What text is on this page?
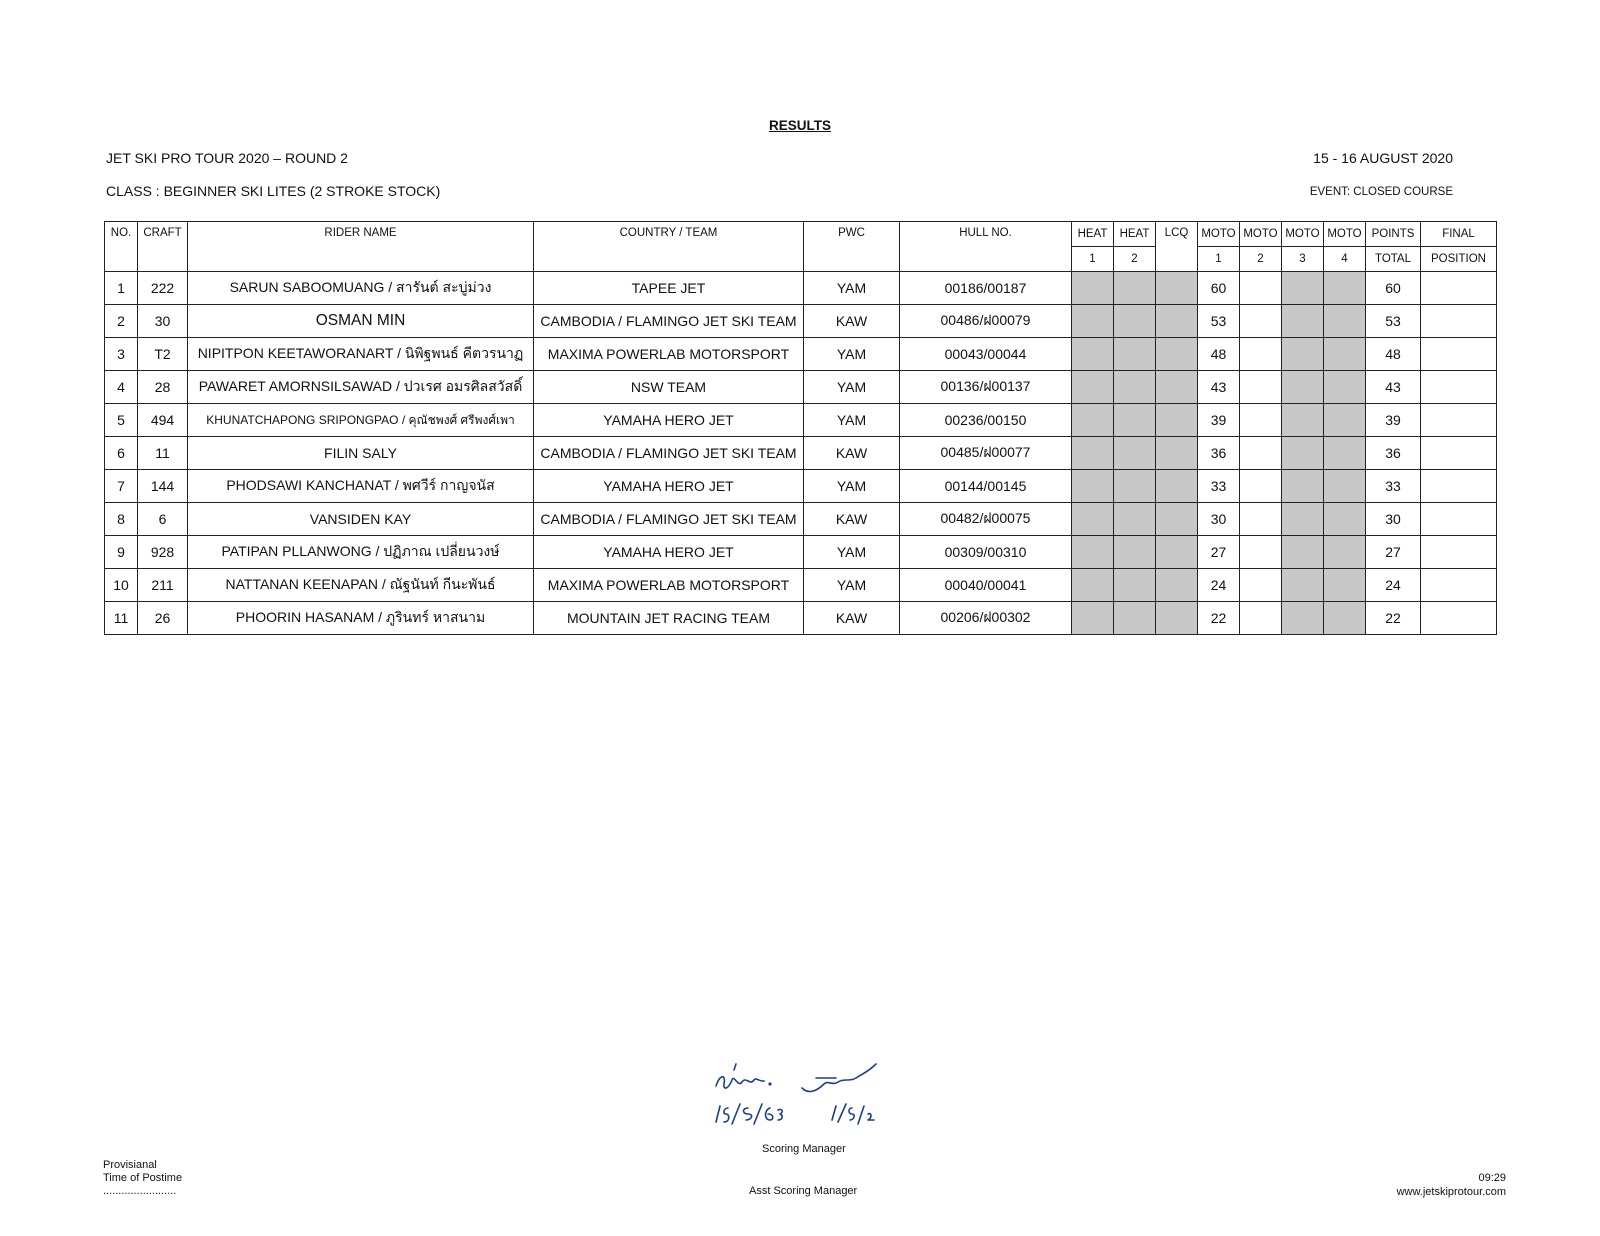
RESULTS
JET SKI PRO TOUR 2020 – ROUND 2	15 - 16 AUGUST 2020
CLASS : BEGINNER SKI LITES (2 STROKE STOCK)	EVENT: CLOSED COURSE
NO.	CRAFT	RIDER NAME	COUNTRY / TEAM	PWC	HULL NO.	HEAT	HEAT	LCQ	MOTO	MOTO	MOTO	MOTO	POINTS	FINAL
						1	2		1	2	3	4	TOTAL	POSITION
1	222	SARUN SABOOMUANG / สารันต์ สะบู่ม่วง	TAPEE JET	YAM	00186/00187				60				60	
2	30	OSMAN MIN	CAMBODIA / FLAMINGO JET SKI TEAM	KAW	00486/ฝ00079				53				53	
3	T2	NIPITPON KEETAWORANART / นิพิฐพนธ์ คีตวรนาฏ	MAXIMA POWERLAB MOTORSPORT	YAM	00043/00044				48				48	
4	28	PAWARET AMORNSILSAWAD / ปวเรศ อมรศิลสวัสดิ์	NSW TEAM	YAM	00136/ฝ00137				43				43	
5	494	KHUNATCHAPONG SRIPONGPAO / คุณัชพงศ์ ศรีพงศ์เพา	YAMAHA HERO JET	YAM	00236/00150				39				39	
6	11	FILIN SALY	CAMBODIA / FLAMINGO JET SKI TEAM	KAW	00485/ฝ00077				36				36	
7	144	PHODSAWI KANCHANAT / พศวีร์ กาญจนัส	YAMAHA HERO JET	YAM	00144/00145				33				33	
8	6	VANSIDEN KAY	CAMBODIA / FLAMINGO JET SKI TEAM	KAW	00482/ฝ00075				30				30	
9	928	PATIPAN PLLANWONG / ปฏิภาณ เปลี่ยนวงษ์	YAMAHA HERO JET	YAM	00309/00310				27				27	
10	211	NATTANAN KEENAPAN / ณัฐนันท์ กีนะพันธ์	MAXIMA POWERLAB MOTORSPORT	YAM	00040/00041				24				24	
11	26	PHOORIN HASANAM / ภูรินทร์ หาสนาม	MOUNTAIN JET RACING TEAM	KAW	00206/ฝ00302				22				22	
Scoring Manager
Asst Scoring Manager
Provisianal
Time of Postime
........................
09:29
www.jetskiprotour.com
